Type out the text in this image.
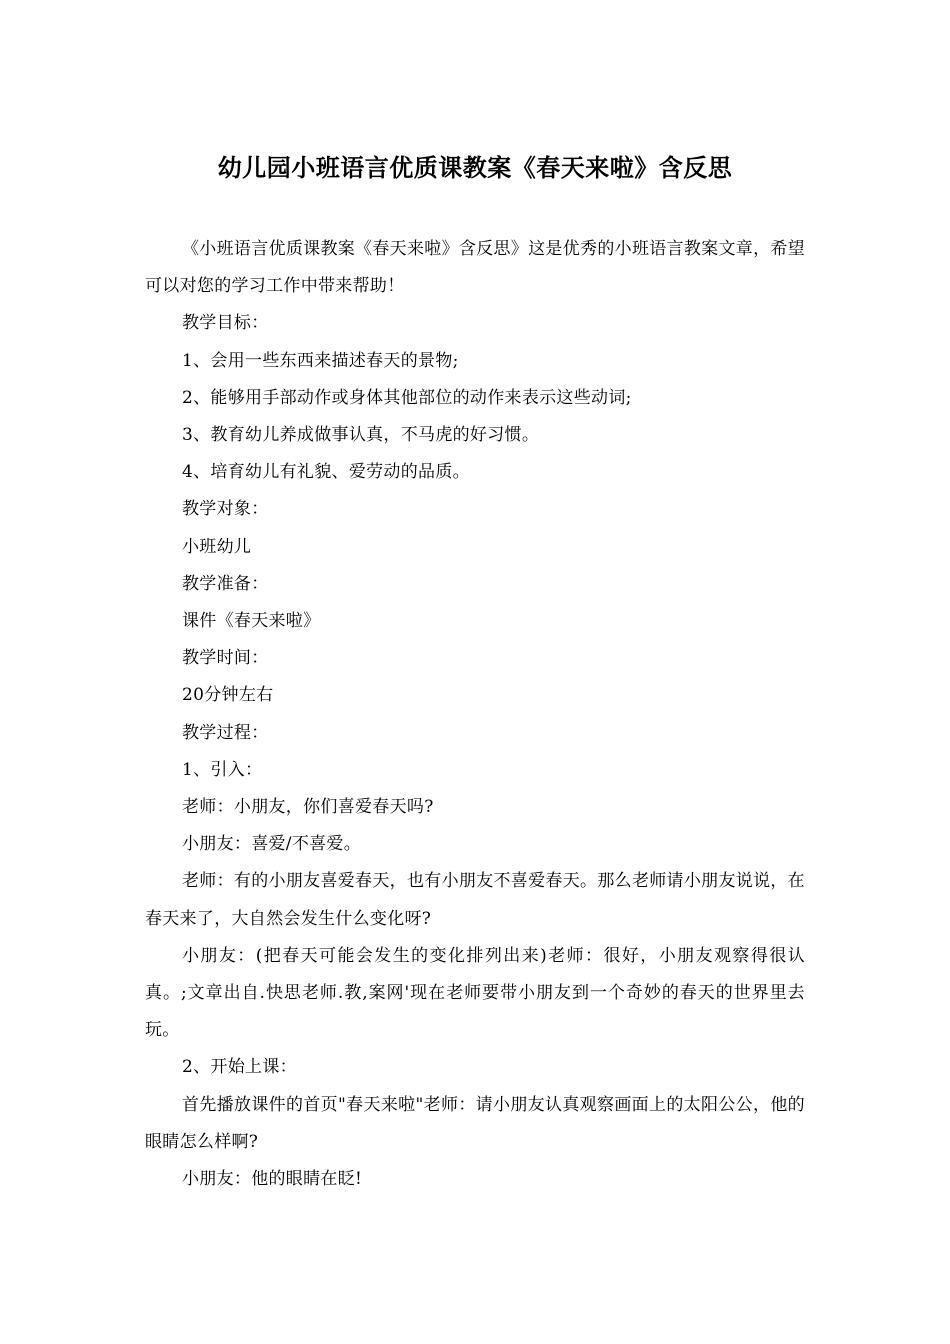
幼儿园小班语言优质课教案《春天来啦》含反思

《小班语言优质课教案《春天来啦》含反思》这是优秀的小班语言教案文章，希望可以对您的学习工作中带来帮助！

教学目标：

1、会用一些东西来描述春天的景物;

2、能够用手部动作或身体其他部位的动作来表示这些动词;

3、教育幼儿养成做事认真，不马虎的好习惯。

4、培育幼儿有礼貌、爱劳动的品质。

教学对象：

小班幼儿

教学准备：

课件《春天来啦》

教学时间：

20分钟左右

教学过程：

1、引入：

老师：小朋友，你们喜爱春天吗?

小朋友：喜爱/不喜爱。

老师：有的小朋友喜爱春天，也有小朋友不喜爱春天。那么老师请小朋友说说，在春天来了，大自然会发生什么变化呀?

小朋友：(把春天可能会发生的变化排列出来)老师：很好，小朋友观察得很认真。;文章出自.快思老师.教,案网'现在老师要带小朋友到一个奇妙的春天的世界里去玩。

2、开始上课：

首先播放课件的首页"春天来啦"老师：请小朋友认真观察画面上的太阳公公，他的眼睛怎么样啊?

小朋友：他的眼睛在眨!
